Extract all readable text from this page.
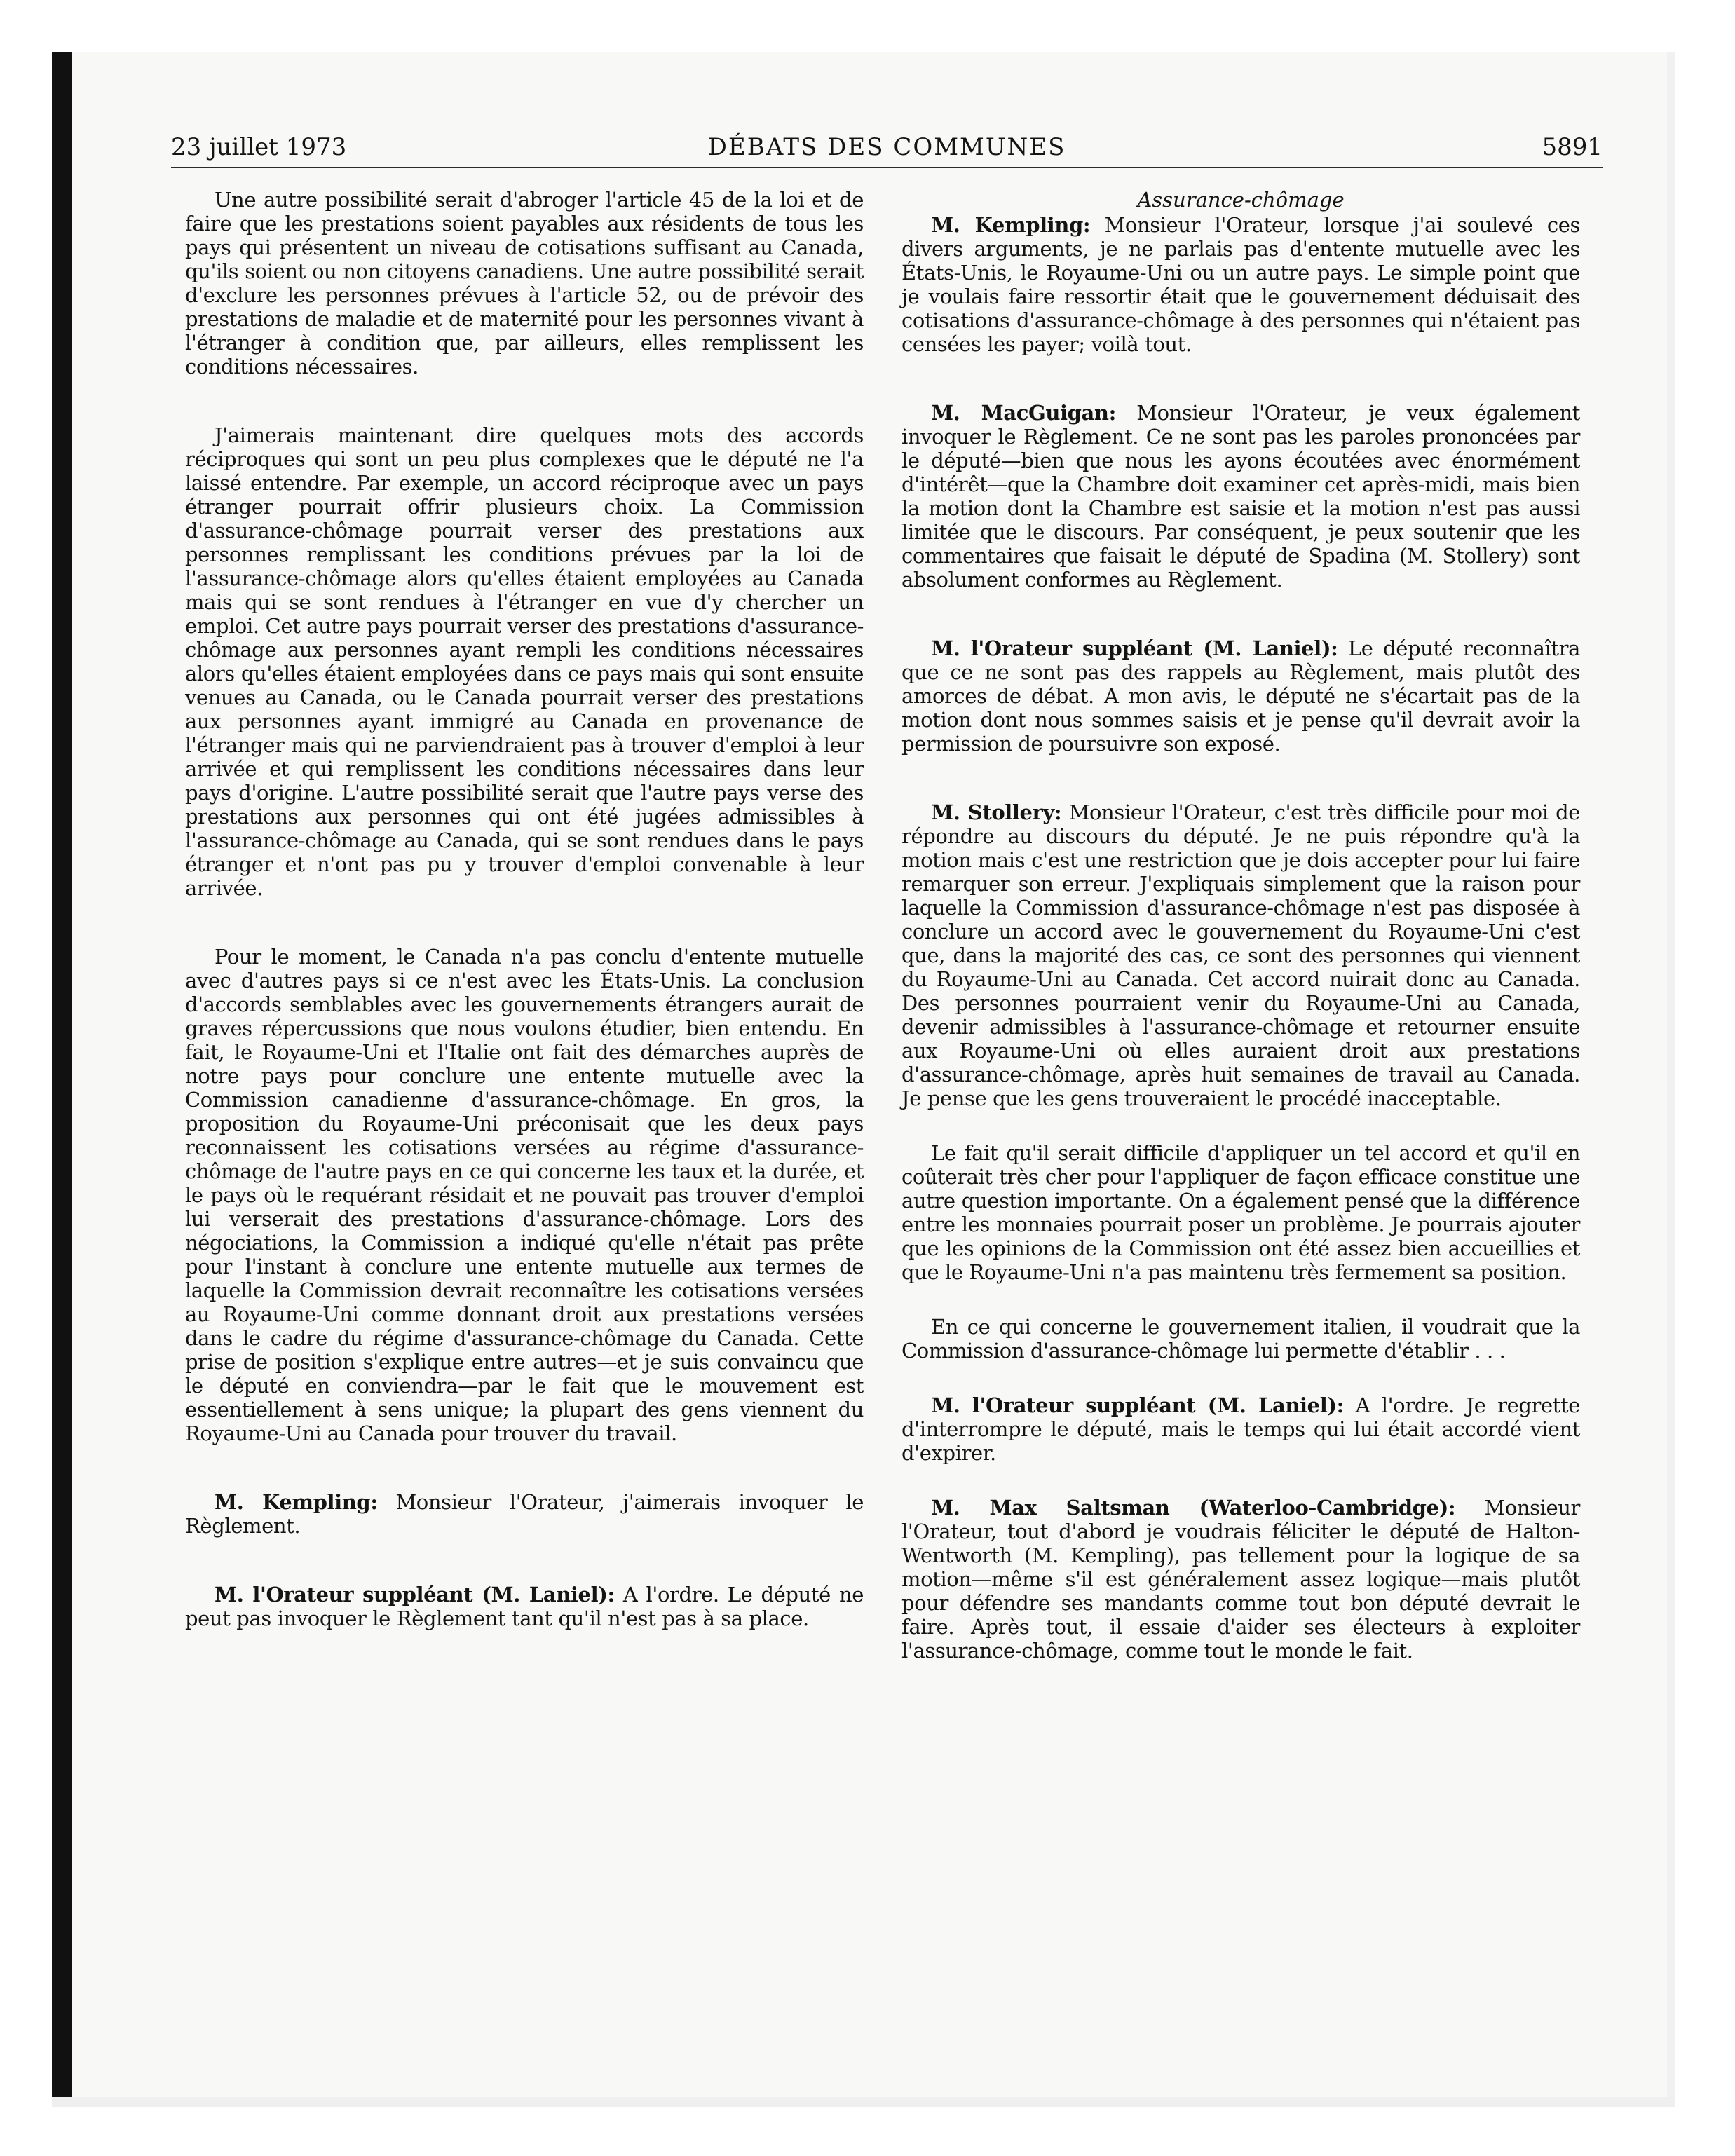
DÉBATS DES COMMUNES
23 juillet 1973	5891

Une autre possibilité serait d'abroger l'article 45 de la loi et de faire que les prestations soient payables aux résidents de tous les pays qui présentent un niveau de cotisations suffisant au Canada, qu'ils soient ou non citoyens canadiens. Une autre possibilité serait d'exclure les personnes prévues à l'article 52, ou de prévoir des prestations de maladie et de maternité pour les personnes vivant à l'étranger à condition que, par ailleurs, elles remplissent les conditions nécessaires.

J'aimerais maintenant dire quelques mots des accords réciproques qui sont un peu plus complexes que le député ne l'a laissé entendre. Par exemple, un accord réciproque avec un pays étranger pourrait offrir plusieurs choix. La Commission d'assurance-chômage pourrait verser des prestations aux personnes remplissant les conditions prévues par la loi de l'assurance-chômage alors qu'elles étaient employées au Canada mais qui se sont rendues à l'étranger en vue d'y chercher un emploi. Cet autre pays pourrait verser des prestations d'assurance-chômage aux personnes ayant rempli les conditions nécessaires alors qu'elles étaient employées dans ce pays mais qui sont ensuite venues au Canada, ou le Canada pourrait verser des prestations aux personnes ayant immigré au Canada en provenance de l'étranger mais qui ne parviendraient pas à trouver d'emploi à leur arrivée et qui remplissent les conditions nécessaires dans leur pays d'origine. L'autre possibilité serait que l'autre pays verse des prestations aux personnes qui ont été jugées admissibles à l'assurance-chômage au Canada, qui se sont rendues dans le pays étranger et n'ont pas pu y trouver d'emploi convenable à leur arrivée.

Pour le moment, le Canada n'a pas conclu d'entente mutuelle avec d'autres pays si ce n'est avec les États-Unis. La conclusion d'accords semblables avec les gouvernements étrangers aurait de graves répercussions que nous voulons étudier, bien entendu. En fait, le Royaume-Uni et l'Italie ont fait des démarches auprès de notre pays pour conclure une entente mutuelle avec la Commission canadienne d'assurance-chômage. En gros, la proposition du Royaume-Uni préconisait que les deux pays reconnaissent les cotisations versées au régime d'assurance-chômage de l'autre pays en ce qui concerne les taux et la durée, et le pays où le requérant résidait et ne pouvait pas trouver d'emploi lui verserait des prestations d'assurance-chômage. Lors des négociations, la Commission a indiqué qu'elle n'était pas prête pour l'instant à conclure une entente mutuelle aux termes de laquelle la Commission devrait reconnaître les cotisations versées au Royaume-Uni comme donnant droit aux prestations versées dans le cadre du régime d'assurance-chômage du Canada. Cette prise de position s'explique entre autres—et je suis convaincu que le député en conviendra—par le fait que le mouvement est essentiellement à sens unique; la plupart des gens viennent du Royaume-Uni au Canada pour trouver du travail.

M. Kempling: Monsieur l'Orateur, j'aimerais invoquer le Règlement.

M. l'Orateur suppléant (M. Laniel): A l'ordre. Le député ne peut pas invoquer le Règlement tant qu'il n'est pas à sa place.

Assurance-chômage

M. Kempling: Monsieur l'Orateur, lorsque j'ai soulevé ces divers arguments, je ne parlais pas d'entente mutuelle avec les États-Unis, le Royaume-Uni ou un autre pays. Le simple point que je voulais faire ressortir était que le gouvernement déduisait des cotisations d'assurance-chômage à des personnes qui n'étaient pas censées les payer; voilà tout.

M. MacGuigan: Monsieur l'Orateur, je veux également invoquer le Règlement. Ce ne sont pas les paroles prononcées par le député—bien que nous les ayons écoutées avec énormément d'intérêt—que la Chambre doit examiner cet après-midi, mais bien la motion dont la Chambre est saisie et la motion n'est pas aussi limitée que le discours. Par conséquent, je peux soutenir que les commentaires que faisait le député de Spadina (M. Stollery) sont absolument conformes au Règlement.

M. l'Orateur suppléant (M. Laniel): Le député reconnaîtra que ce ne sont pas des rappels au Règlement, mais plutôt des amorces de débat. A mon avis, le député ne s'écartait pas de la motion dont nous sommes saisis et je pense qu'il devrait avoir la permission de poursuivre son exposé.

M. Stollery: Monsieur l'Orateur, c'est très difficile pour moi de répondre au discours du député. Je ne puis répondre qu'à la motion mais c'est une restriction que je dois accepter pour lui faire remarquer son erreur. J'expliquais simplement que la raison pour laquelle la Commission d'assurance-chômage n'est pas disposée à conclure un accord avec le gouvernement du Royaume-Uni c'est que, dans la majorité des cas, ce sont des personnes qui viennent du Royaume-Uni au Canada. Cet accord nuirait donc au Canada. Des personnes pourraient venir du Royaume-Uni au Canada, devenir admissibles à l'assurance-chômage et retourner ensuite aux Royaume-Uni où elles auraient droit aux prestations d'assurance-chômage, après huit semaines de travail au Canada. Je pense que les gens trouveraient le procédé inacceptable.

Le fait qu'il serait difficile d'appliquer un tel accord et qu'il en coûterait très cher pour l'appliquer de façon efficace constitue une autre question importante. On a également pensé que la différence entre les monnaies pourrait poser un problème. Je pourrais ajouter que les opinions de la Commission ont été assez bien accueillies et que le Royaume-Uni n'a pas maintenu très fermement sa position.

En ce qui concerne le gouvernement italien, il voudrait que la Commission d'assurance-chômage lui permette d'établir . . .

M. l'Orateur suppléant (M. Laniel): A l'ordre. Je regrette d'interrompre le député, mais le temps qui lui était accordé vient d'expirer.

M. Max Saltsman (Waterloo-Cambridge): Monsieur l'Orateur, tout d'abord je voudrais féliciter le député de Halton-Wentworth (M. Kempling), pas tellement pour la logique de sa motion—même s'il est généralement assez logique—mais plutôt pour défendre ses mandants comme tout bon député devrait le faire. Après tout, il essaie d'aider ses électeurs à exploiter l'assurance-chômage, comme tout le monde le fait.
